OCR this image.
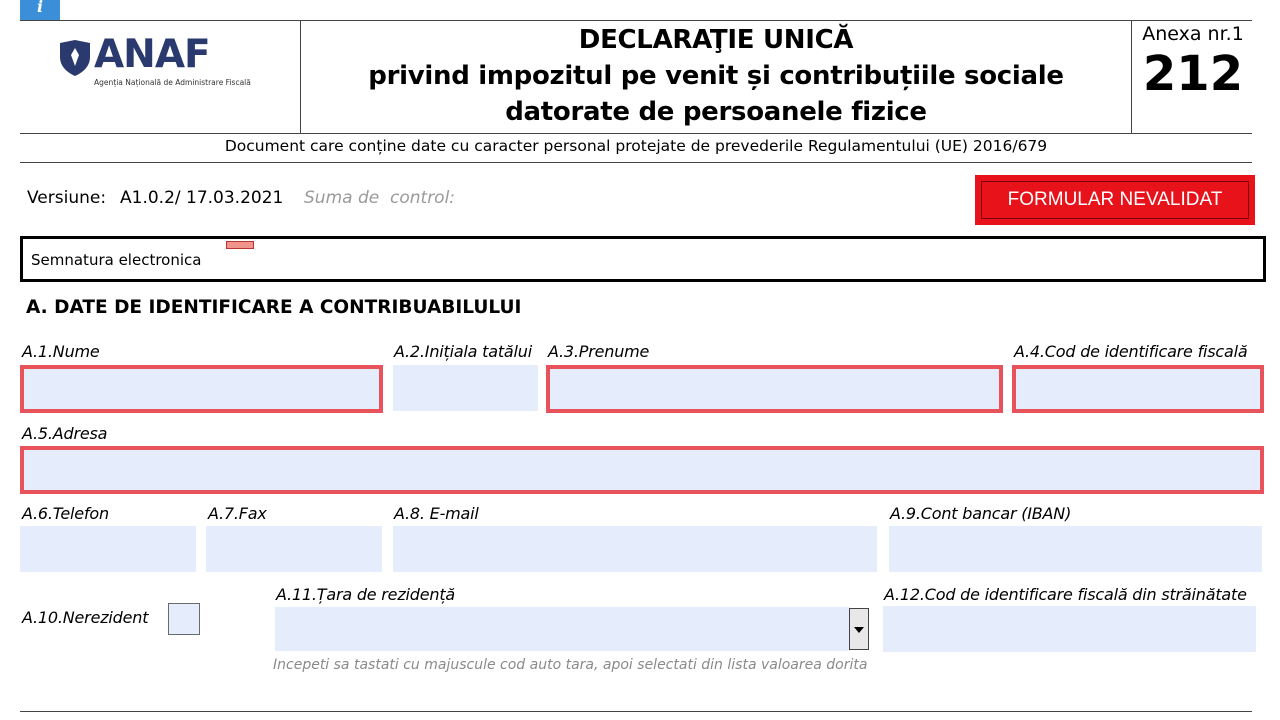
i
ANAF
Agenția Națională de Administrare Fiscală
DECLARAŢIE UNICĂ
privind impozitul pe venit și contribuțiile sociale
datorate de persoanele fizice
Anexa nr.1
212
Document care conține date cu caracter personal protejate de prevederile Regulamentului (UE) 2016/679
Versiune: A1.0.2/ 17.03.2021 Suma de  control:	FORMULAR NEVALIDAT
Semnatura electronica
A. DATE DE IDENTIFICARE A CONTRIBUABILULUI
A.1.Nume	A.2.Inițiala tatălui A.3.Prenume	A.4.Cod de identificare fiscală
A.5.Adresa
A.6.Telefon	A.7.Fax	A.8. E-mail	A.9.Cont bancar (IBAN)
A.10.Nerezident
A.11.Țara de rezidență	A.12.Cod de identificare fiscală din străinătate
Incepeti sa tastati cu majuscule cod auto tara, apoi selectati din lista valoarea dorita
